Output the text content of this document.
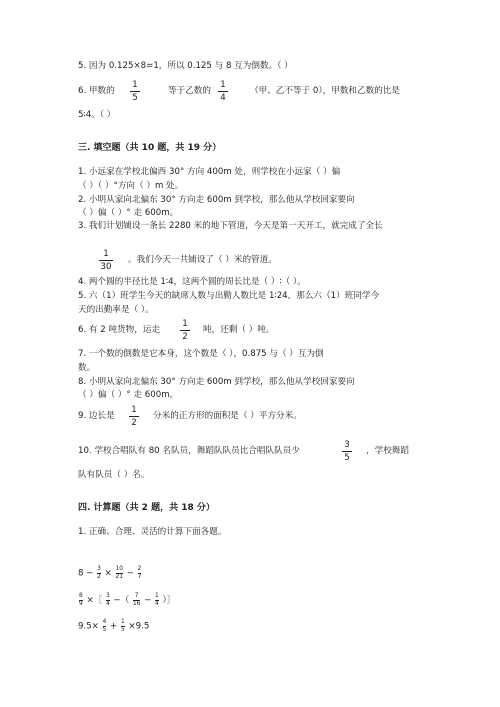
5. 因为 0.125×8=1，所以 0.125 与 8 互为倒数。（ ）
6. 甲数的
1
5
等于乙数的
1
4
（甲、乙不等于 0），甲数和乙数的比是
5∶4。（ ）
三. 填空题（共 10 题，共 19 分）
1. 小远家在学校北偏西 30° 方向 400m 处，则学校在小远家（ ）偏
（ ）（ ）°方向（ ）m 处。
2. 小明从家向北偏东 30° 方向走 600m 到学校，那么他从学校回家要向
（ ）偏（ ）° 走 600m。
3. 我们计划铺设一条长 2280 米的地下管道，今天是第一天开工，就完成了全长
1
30
。我们今天一共铺设了（ ）米的管道。
4. 两个圆的半径比是 1∶4，这两个圆的周长比是（ ）∶（ ）。
5. 六（1）班学生今天的缺席人数与出勤人数比是 1∶24，那么六（1）班同学今
天的出勤率是（ ）。
6. 有 2 吨货物，运走
1
2
吨，还剩（ ）吨。
7. 一个数的倒数是它本身，这个数是（ ），0.875 与（ ）互为倒
数。
8. 小明从家向北偏东 30° 方向走 600m 到学校，那么他从学校回家要向
（ ）偏（ ）° 走 600m。
9. 边长是
1
2
分米的正方形的面积是（ ）平方分米。
10. 学校合唱队有 80 名队员，舞蹈队队员比合唱队队员少
3
5
，学校舞蹈
队有队员（ ）名。
四. 计算题（共 2 题，共 18 分）
1. 正确、合理、灵活的计算下面各题。
$8 - \frac{3}{2} \times \frac{10}{21} - \frac{2}{7}$
$\frac{8}{9}$ ×［ $\frac{3}{4}$ −（ $\frac{7}{16} - \frac{1}{4}$ ）］
$9.5\times \frac{4}{5} + \frac{1}{5} \times 9.5$
